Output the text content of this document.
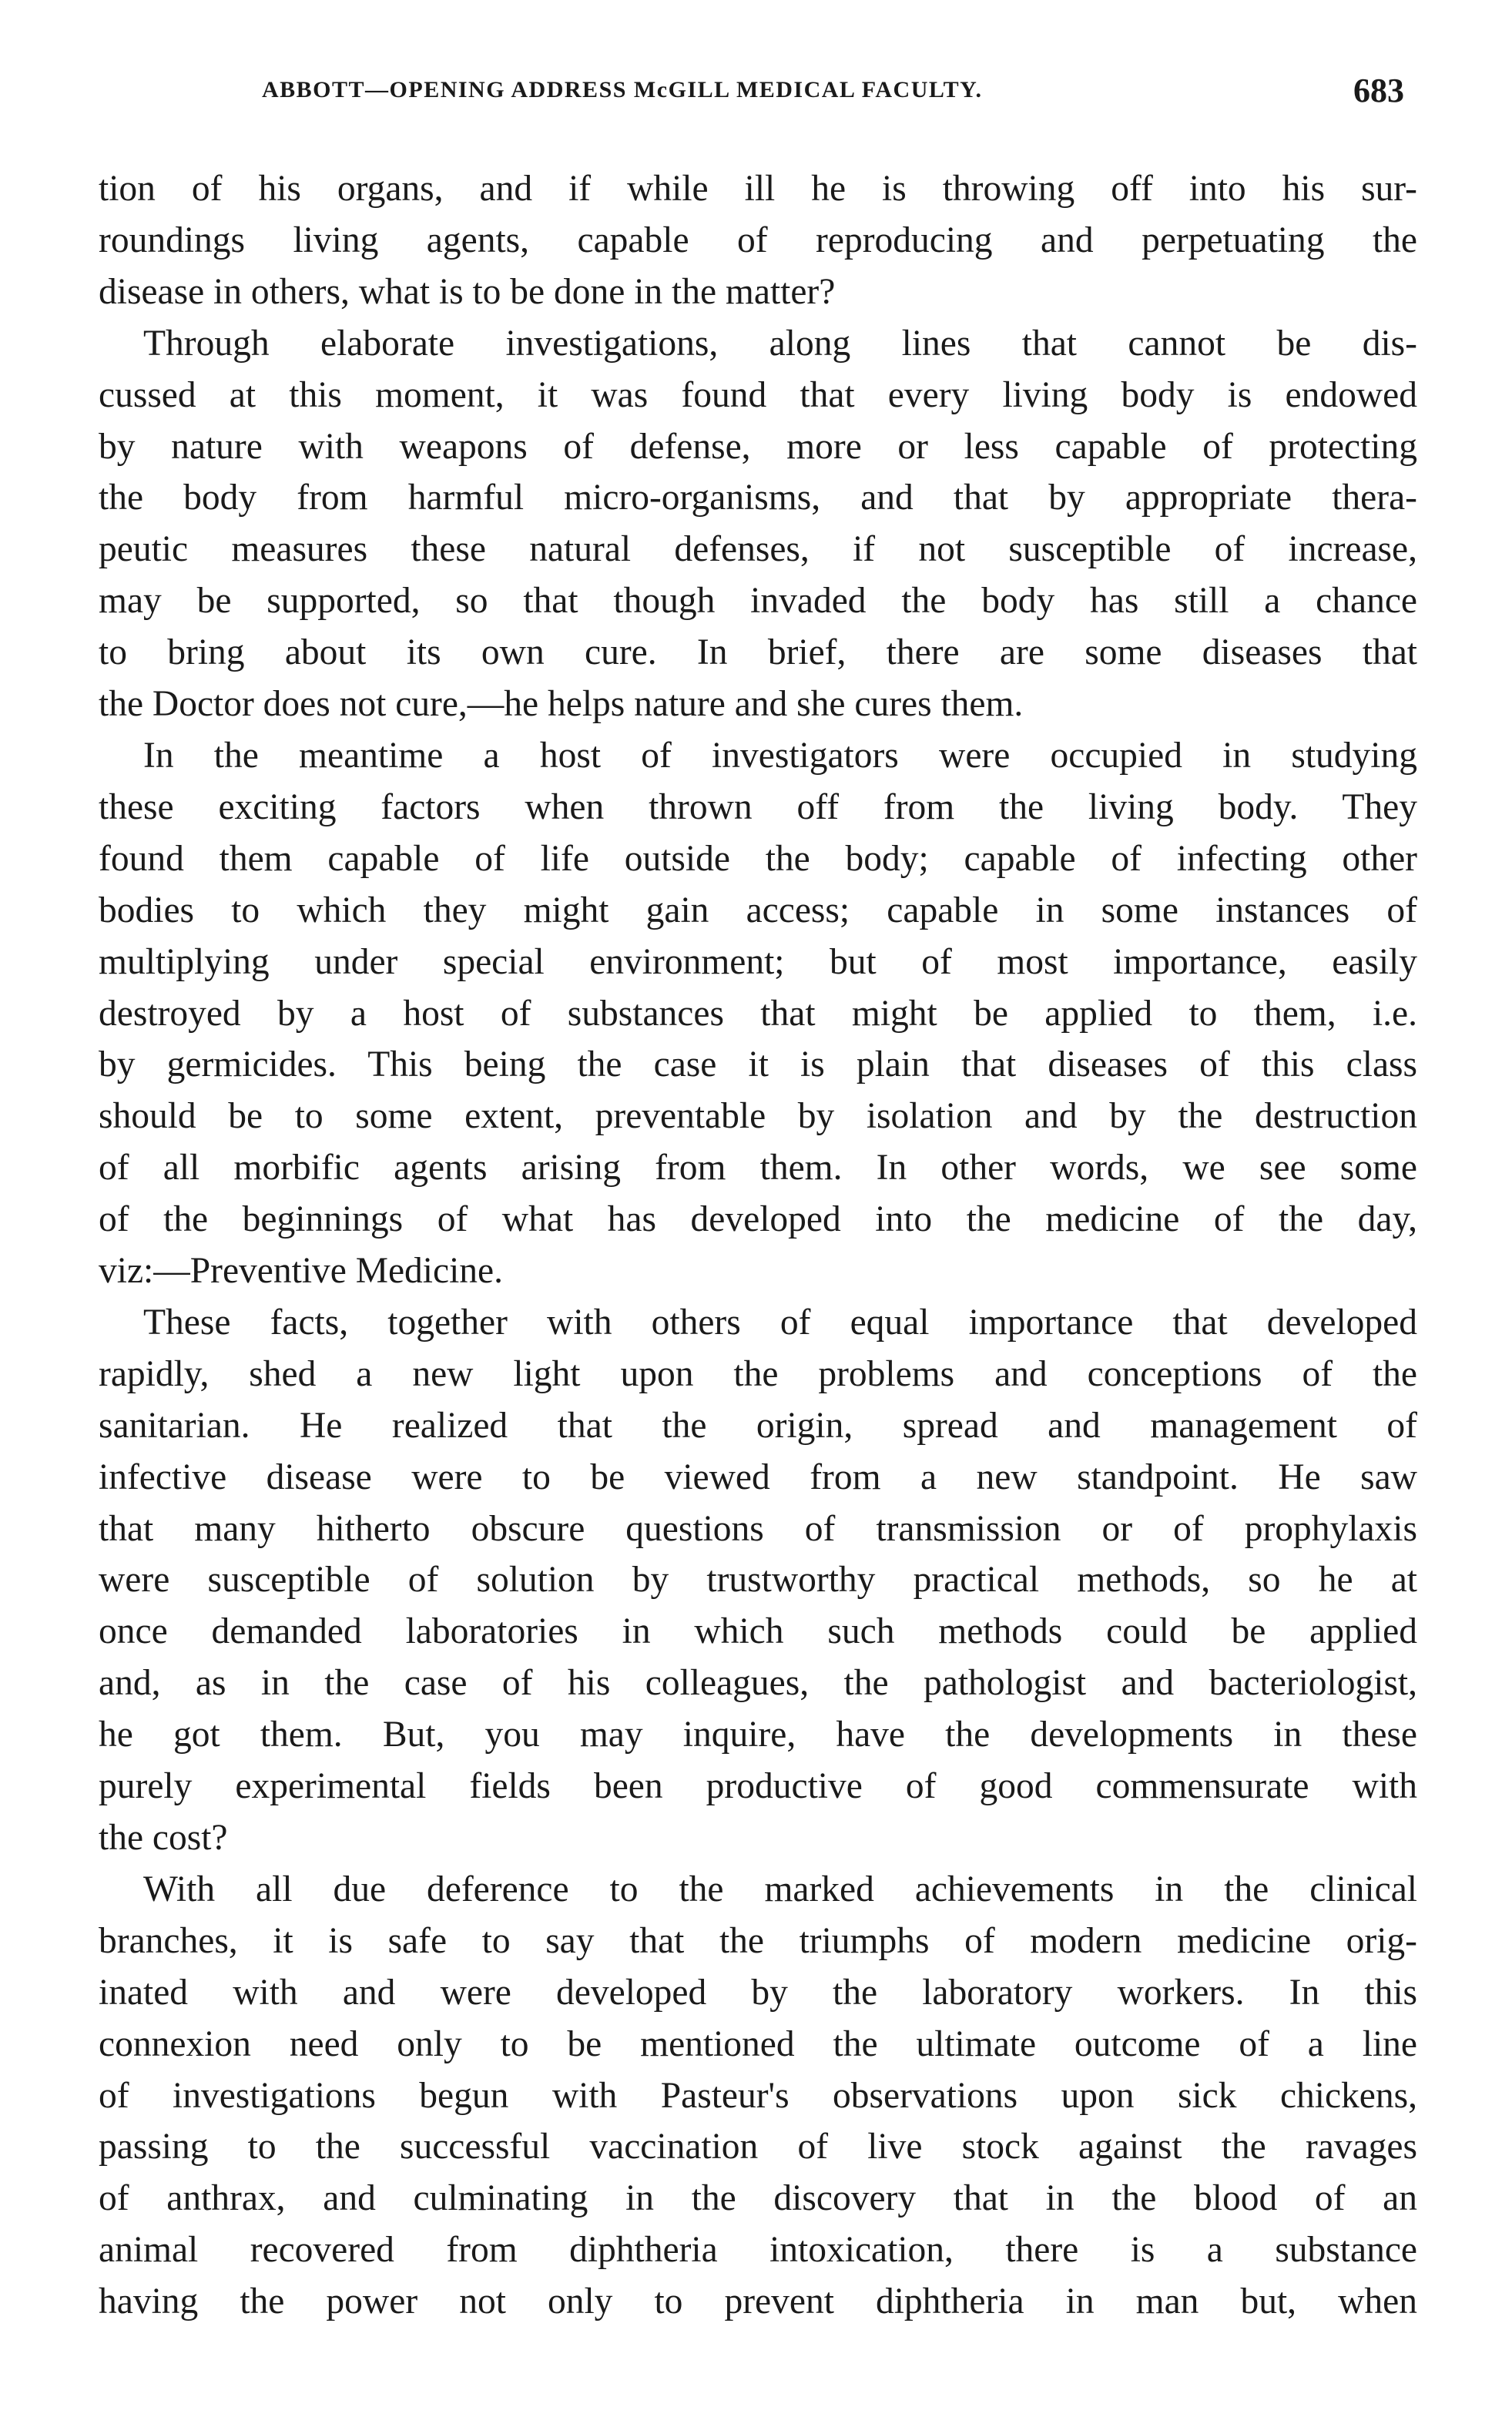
ABBOTT—OPENING ADDRESS McGILL MEDICAL FACULTY.	683

tion of his organs, and if while ill he is throwing off into his sur-
roundings living agents, capable of reproducing and perpetuating the
disease in others, what is to be done in the matter?

Through elaborate investigations, along lines that cannot be dis-
cussed at this moment, it was found that every living body is endowed
by nature with weapons of defense, more or less capable of protecting
the body from harmful micro-organisms, and that by appropriate thera-
peutic measures these natural defenses, if not susceptible of increase,
may be supported, so that though invaded the body has still a chance
to bring about its own cure. In brief, there are some diseases that
the Doctor does not cure,—he helps nature and she cures them.

In the meantime a host of investigators were occupied in studying
these exciting factors when thrown off from the living body. They
found them capable of life outside the body; capable of infecting other
bodies to which they might gain access; capable in some instances of
multiplying under special environment; but of most importance, easily
destroyed by a host of substances that might be applied to them, i.e.
by germicides. This being the case it is plain that diseases of this class
should be to some extent, preventable by isolation and by the destruction
of all morbific agents arising from them. In other words, we see some
of the beginnings of what has developed into the medicine of the day,
viz:—Preventive Medicine.

These facts, together with others of equal importance that developed
rapidly, shed a new light upon the problems and conceptions of the
sanitarian. He realized that the origin, spread and management of
infective disease were to be viewed from a new standpoint. He saw
that many hitherto obscure questions of transmission or of prophylaxis
were susceptible of solution by trustworthy practical methods, so he at
once demanded laboratories in which such methods could be applied
and, as in the case of his colleagues, the pathologist and bacteriologist,
he got them. But, you may inquire, have the developments in these
purely experimental fields been productive of good commensurate with
the cost?

With all due deference to the marked achievements in the clinical
branches, it is safe to say that the triumphs of modern medicine orig-
inated with and were developed by the laboratory workers. In this
connexion need only to be mentioned the ultimate outcome of a line
of investigations begun with Pasteur's observations upon sick chickens,
passing to the successful vaccination of live stock against the ravages
of anthrax, and culminating in the discovery that in the blood of an
animal recovered from diphtheria intoxication, there is a substance
having the power not only to prevent diphtheria in man but, when
